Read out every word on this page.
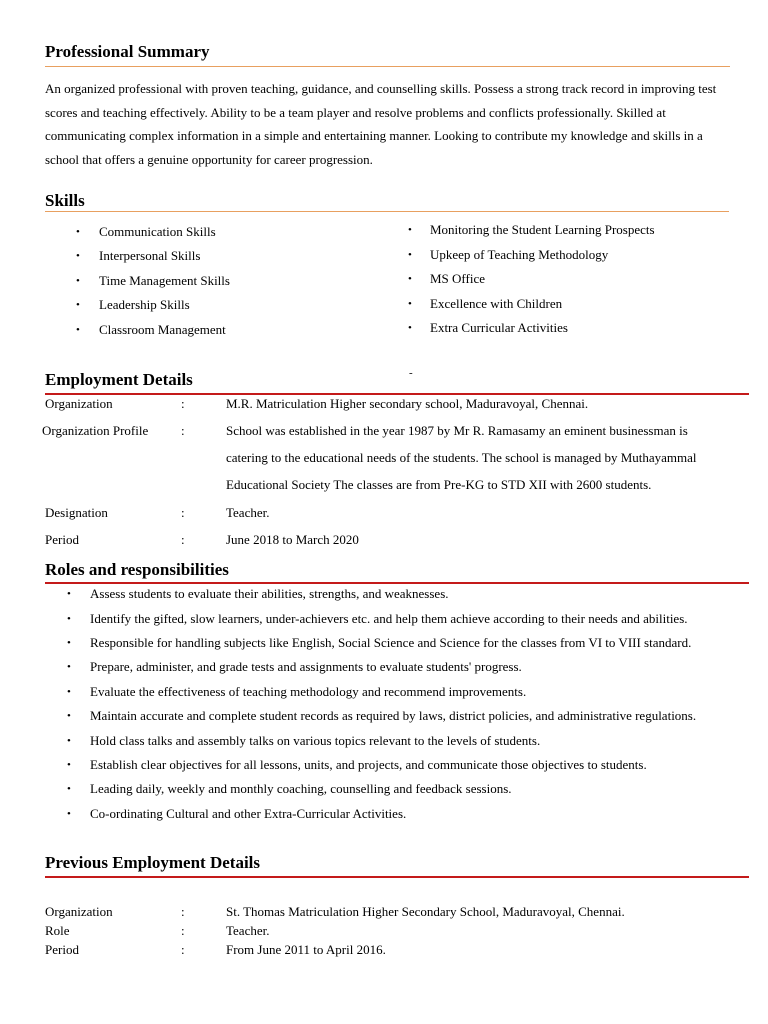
Professional Summary
An organized professional with proven teaching, guidance, and counselling skills. Possess a strong track record in improving test scores and teaching effectively. Ability to be a team player and resolve problems and conflicts professionally. Skilled at communicating complex information in a simple and entertaining manner. Looking to contribute my knowledge and skills in a school that offers a genuine opportunity for career progression.
Skills
• Communication Skills
• Interpersonal Skills
• Time Management Skills
• Leadership Skills
• Classroom Management
• Monitoring the Student Learning Prospects
• Upkeep of Teaching Methodology
• MS Office
• Excellence with Children
• Extra Curricular Activities
-
Employment Details
Organization	:	M.R. Matriculation Higher secondary school, Maduravoyal, Chennai.
Organization Profile	:	School was established in the year 1987 by Mr R. Ramasamy an eminent businessman is
catering to the educational needs of the students. The school is managed by Muthayammal
Educational Society The classes are from Pre-KG to STD XII with 2600 students.
Designation	:	Teacher.
Period	:	June 2018 to March 2020
Roles and responsibilities
• Assess students to evaluate their abilities, strengths, and weaknesses.
• Identify the gifted, slow learners, under-achievers etc. and help them achieve according to their needs and abilities.
• Responsible for handling subjects like English, Social Science and Science for the classes from VI to VIII standard.
• Prepare, administer, and grade tests and assignments to evaluate students' progress.
• Evaluate the effectiveness of teaching methodology and recommend improvements.
• Maintain accurate and complete student records as required by laws, district policies, and administrative regulations.
• Hold class talks and assembly talks on various topics relevant to the levels of students.
• Establish clear objectives for all lessons, units, and projects, and communicate those objectives to students.
• Leading daily, weekly and monthly coaching, counselling and feedback sessions.
• Co-ordinating Cultural and other Extra-Curricular Activities.
Previous Employment Details
Organization	:	St. Thomas Matriculation Higher Secondary School, Maduravoyal, Chennai.
Role	:	Teacher.
Period	:	From June 2011 to April 2016.
